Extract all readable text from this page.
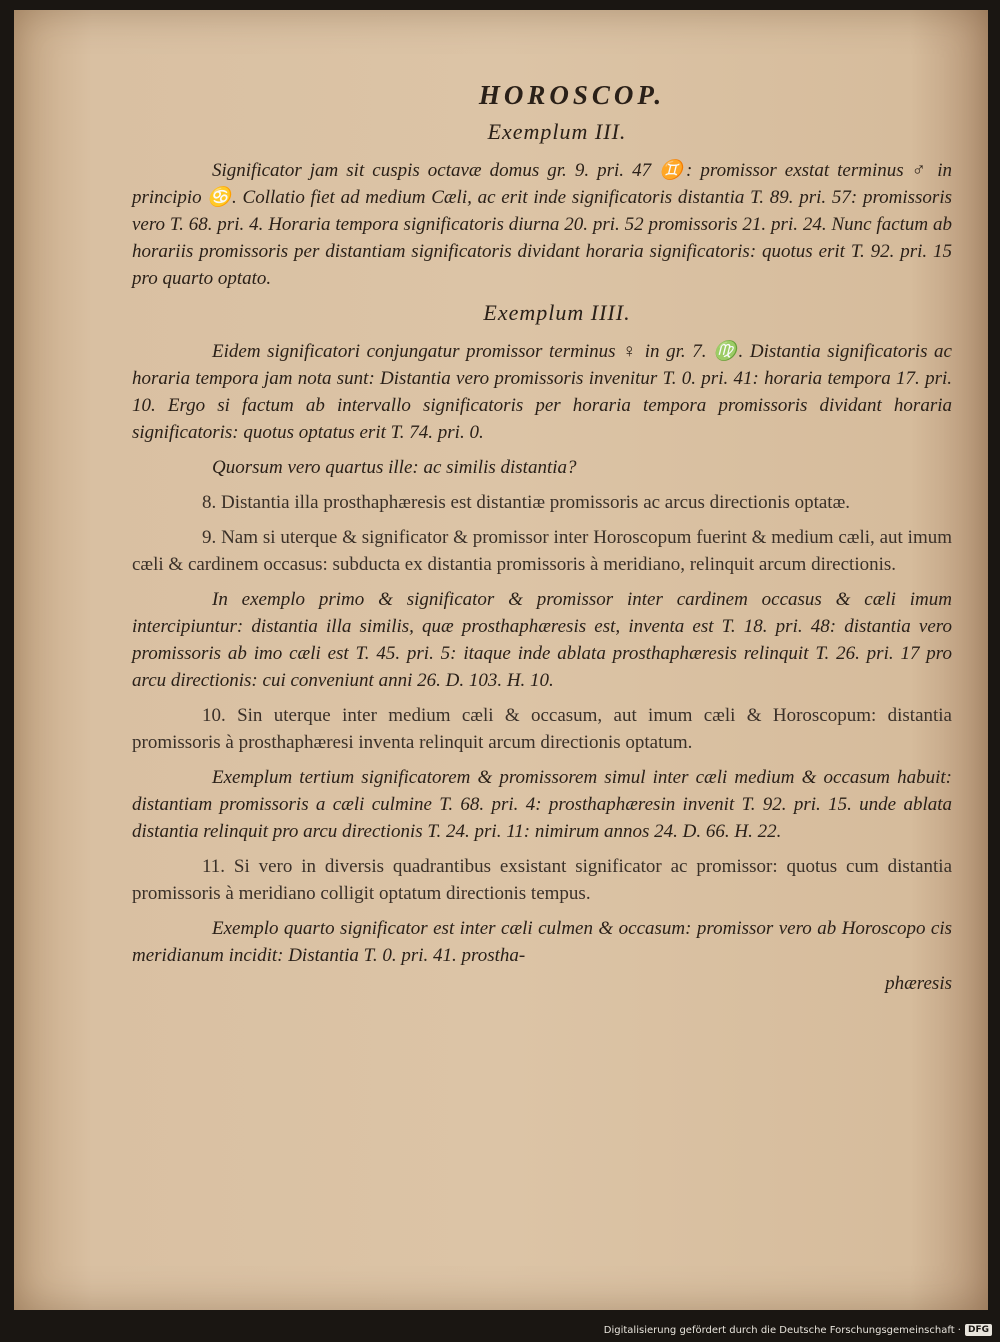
HOROSCOP.
Exemplum III.

Significator jam sit cuspis octavæ domus gr. 9. pri. 47 ♊: promissor exstat terminus ♂ in principio ♋. Collatio fiet ad medium Cæli, ac erit inde significatoris distantia T. 89. pri. 57: promissoris vero T. 68. pri. 4. Horaria tempora significatoris diurna 20. pri. 52 promissoris 21. pri. 24. Nunc factum ab horariis promissoris per distantiam significatoris dividant horaria significatoris: quotus erit T. 92. pri. 15 pro quarto optato.

Exemplum IIII.

Eidem significatori conjungatur promissor terminus ♀ in gr. 7. ♍. Distantia significatoris ac horaria tempora jam nota sunt: Distantia vero promissoris invenitur T. 0. pri. 41: horaria tempora 17. pri. 10. Ergo si factum ab intervallo significatoris per horaria tempora promissoris dividant horaria significatoris: quotus optatus erit T. 74. pri. 0.

Quorsum vero quartus ille: ac similis distantia?

8. Distantia illa prosthaphæresis est distantiæ promissoris ac arcus directionis optatæ.

9. Nam si uterque & significator & promissor inter Horoscopum fuerint & medium cæli, aut imum cæli & cardinem occasus: subducta ex distantia promissoris à meridiano, relinquit arcum directionis.

In exemplo primo & significator & promissor inter cardinem occasus & cæli imum intercipiuntur: distantia illa similis, quæ prosthaphæresis est, inventa est T. 18. pri. 48: distantia vero promissoris ab imo cæli est T. 45. pri. 5: itaque inde ablata prosthaphæresis relinquit T. 26. pri. 17 pro arcu directionis: cui conveniunt anni 26. D. 103. H. 10.

10. Sin uterque inter medium cæli & occasum, aut imum cæli & Horoscopum: distantia promissoris à prosthaphæresi inventa relinquit arcum directionis optatum.

Exemplum tertium significatorem & promissorem simul inter cæli medium & occasum habuit: distantiam promissoris a cæli culmine T. 68. pri. 4: prosthaphæresin invenit T. 92. pri. 15. unde ablata distantia relinquit pro arcu directionis T. 24. pri. 11: nimirum annos 24. D. 66. H. 22.

11. Si vero in diversis quadrantibus exsistant significator ac promissor: quotus cum distantia promissoris à meridiano colligit optatum directionis tempus.

Exemplo quarto significator est inter cæli culmen & occasum: promissor vero ab Horoscopo cis meridianum incidit: Distantia T. 0. pri. 41. prostha-

phæresis
Digitalisierung gefördert durch die Deutsche Forschungsgemeinschaft · DFG
